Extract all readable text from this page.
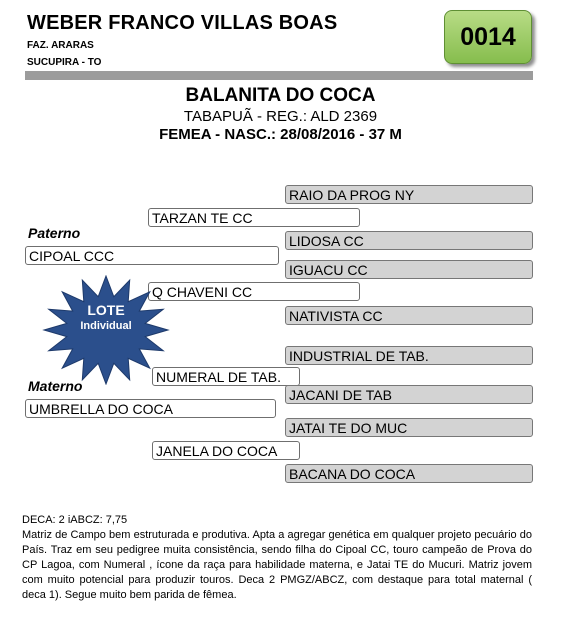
WEBER FRANCO VILLAS BOAS
FAZ. ARARAS
SUCUPIRA - TO
0014
BALANITA DO COCA
TABAPUÃ - REG.: ALD 2369
FEMEA - NASC.: 28/08/2016 - 37 M
RAIO DA PROG NY
TARZAN TE CC
LIDOSA CC
Paterno
CIPOAL CCC
IGUACU CC
Q CHAVENI CC
NATIVISTA CC
INDUSTRIAL DE TAB.
NUMERAL DE TAB.
Materno
JACANI DE TAB
UMBRELLA DO COCA
JATAI TE DO MUC
JANELA DO COCA
BACANA DO COCA
LOTE
Individual
DECA: 2 iABCZ: 7,75
Matriz de Campo bem estruturada e produtiva. Apta a agregar genética em qualquer projeto pecuário do País. Traz em seu pedigree muita consistência, sendo filha do Cipoal CC, touro campeão de Prova do CP Lagoa, com Numeral , ícone da raça para habilidade materna, e Jatai TE do Mucuri. Matriz jovem com muito potencial para produzir touros. Deca 2 PMGZ/ABCZ, com destaque para total maternal ( deca 1). Segue muito bem parida de fêmea.
